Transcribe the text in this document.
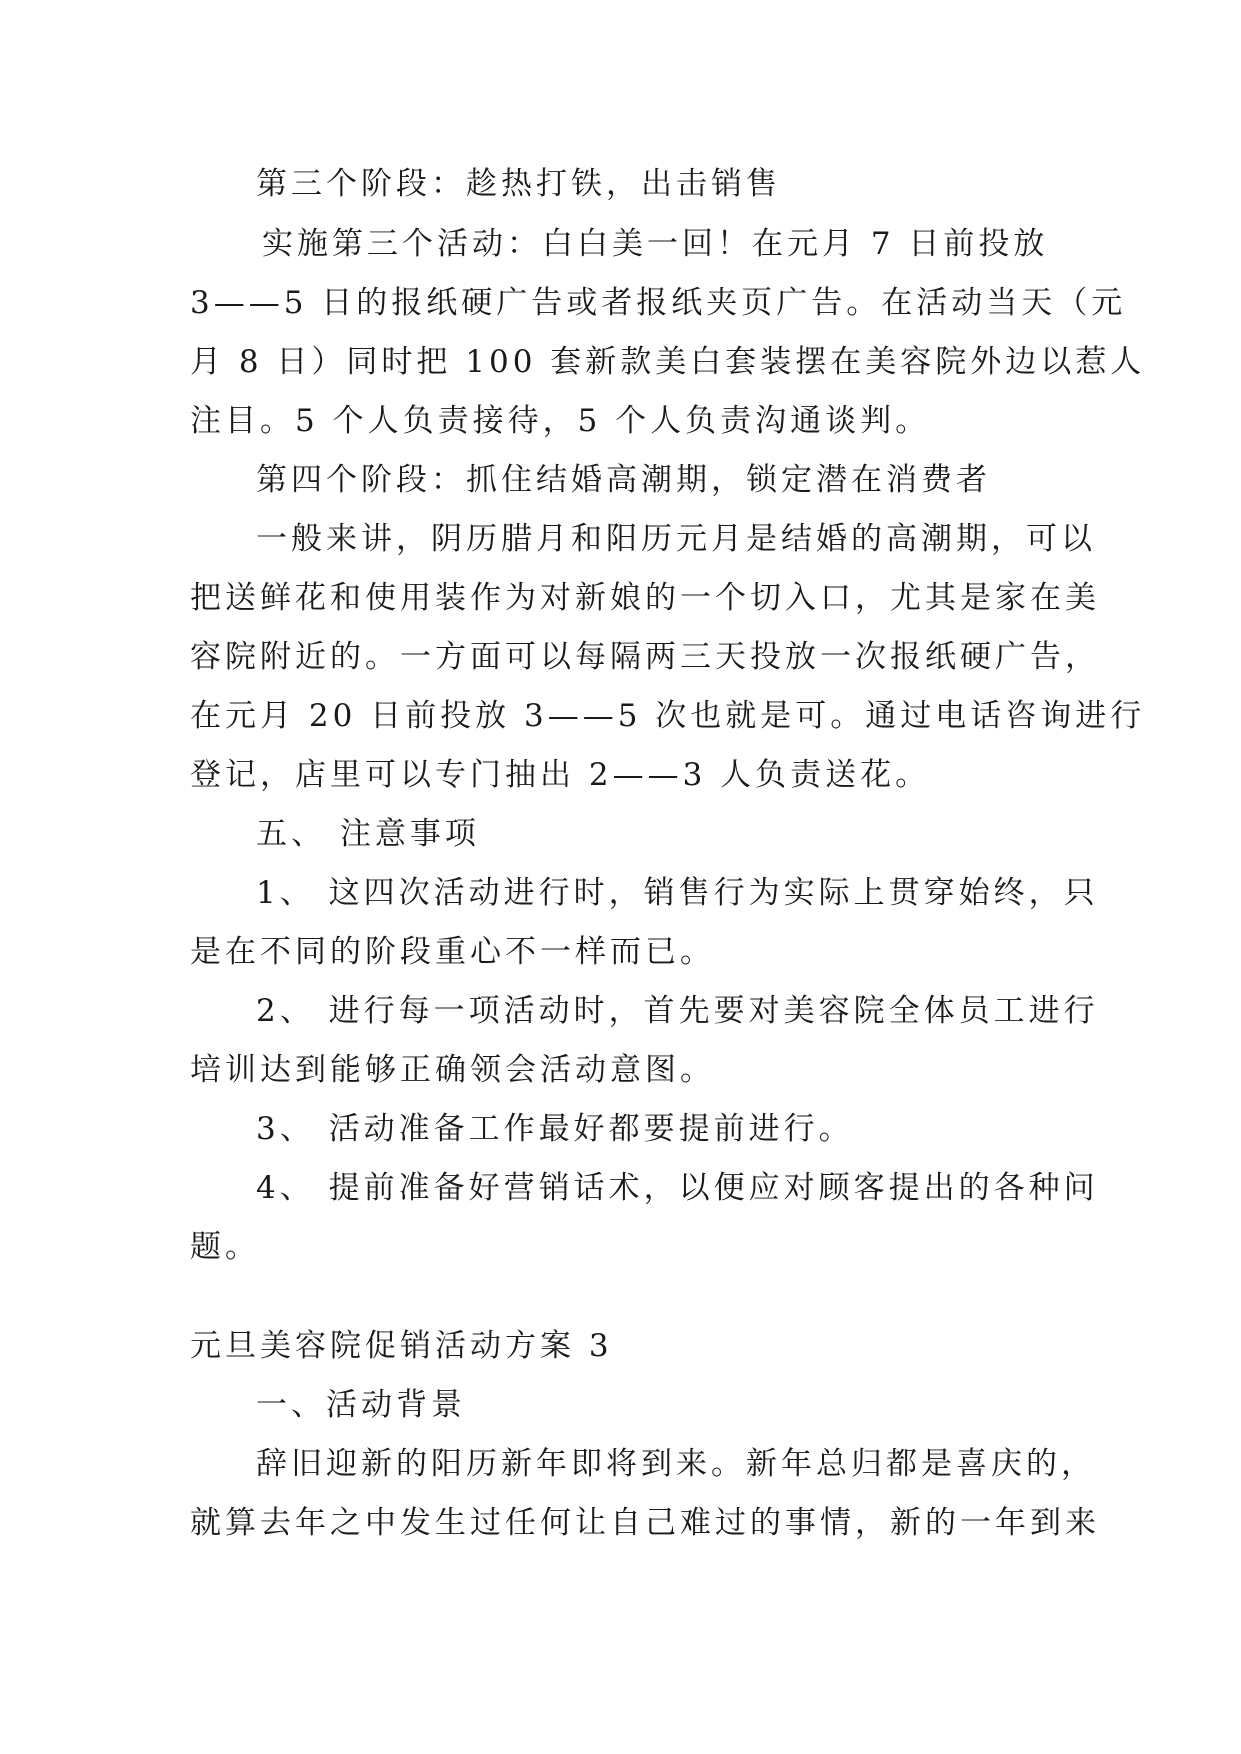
第三个阶段：趁热打铁，出击销售
实施第三个活动：白白美一回！在元月 7 日前投放
3——5 日的报纸硬广告或者报纸夹页广告。在活动当天（元
月 8 日）同时把 100 套新款美白套装摆在美容院外边以惹人
注目。5 个人负责接待，5 个人负责沟通谈判。
第四个阶段：抓住结婚高潮期，锁定潜在消费者
一般来讲，阴历腊月和阳历元月是结婚的高潮期，可以
把送鲜花和使用装作为对新娘的一个切入口，尤其是家在美
容院附近的。一方面可以每隔两三天投放一次报纸硬广告，
在元月 20 日前投放 3——5 次也就是可。通过电话咨询进行
登记，店里可以专门抽出 2——3 人负责送花。
五、 注意事项
1、 这四次活动进行时，销售行为实际上贯穿始终，只
是在不同的阶段重心不一样而已。
2、 进行每一项活动时，首先要对美容院全体员工进行
培训达到能够正确领会活动意图。
3、 活动准备工作最好都要提前进行。
4、 提前准备好营销话术，以便应对顾客提出的各种问
题。
元旦美容院促销活动方案 3
一、活动背景
辞旧迎新的阳历新年即将到来。新年总归都是喜庆的，
就算去年之中发生过任何让自己难过的事情，新的一年到来
